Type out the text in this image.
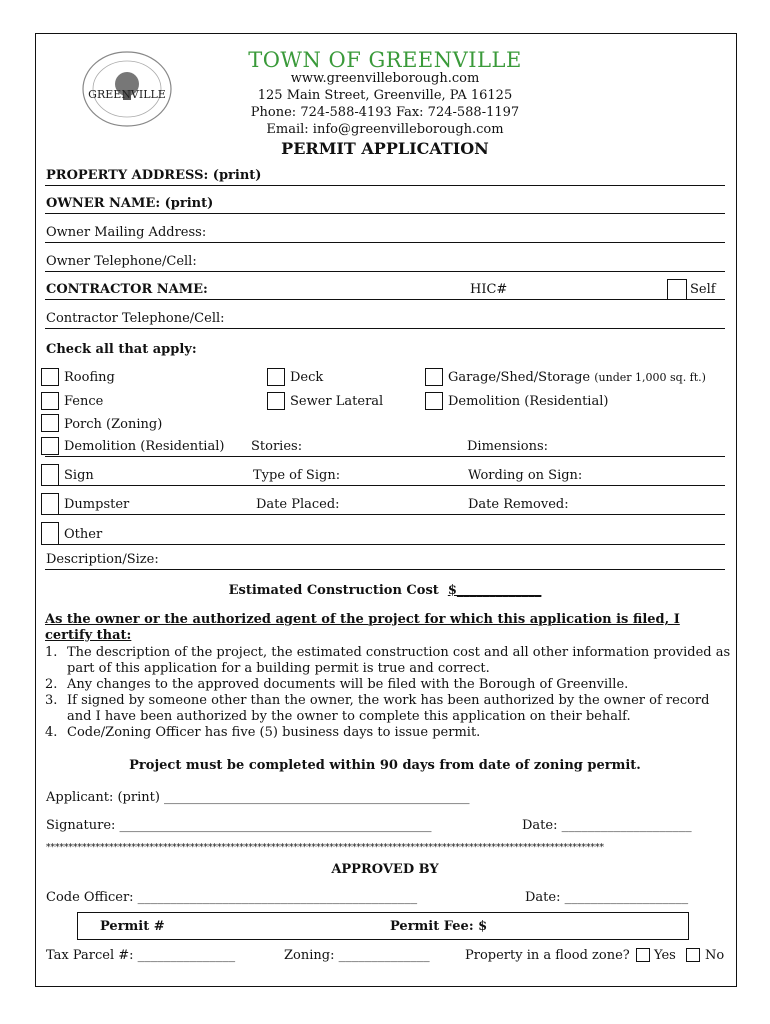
GREENVILLE
TOWN OF GREENVILLE
www.greenvilleborough.com
125 Main Street, Greenville, PA 16125
Phone: 724-588-4193 Fax: 724-588-1197
Email: info@greenvilleborough.com
PERMIT APPLICATION
PROPERTY ADDRESS: (print)
OWNER NAME: (print)
Owner Mailing Address:
Owner Telephone/Cell:
CONTRACTOR NAME:	HIC#	Self
Contractor Telephone/Cell:
Check all that apply:
Roofing	Deck	Garage/Shed/Storage (under 1,000 sq. ft.)
Fence	Sewer Lateral	Demolition (Residential)
Porch (Zoning)
Demolition (Residential) Stories:	Dimensions:
Sign	Type of Sign:	Wording on Sign:
Dumpster	Date Placed:	Date Removed:
Other
Description/Size:
Estimated Construction Cost $_____________
As the owner or the authorized agent of the project for which this application is filed, I certify that:
1. The description of the project, the estimated construction cost and all other information provided as part of this application for a building permit is true and correct.
2. Any changes to the approved documents will be filed with the Borough of Greenville.
3. If signed by someone other than the owner, the work has been authorized by the owner of record and I have been authorized by the owner to complete this application on their behalf.
4. Code/Zoning Officer has five (5) business days to issue permit.
Project must be completed within 90 days from date of zoning permit.
Applicant: (print) _______________________________________________
Signature: ________________________________________________	Date: ____________________
****************************************************************************************************************************
APPROVED BY
Code Officer: ___________________________________________	Date: ___________________
Permit #	Permit Fee: $
Tax Parcel #: _______________	Zoning: ______________	Property in a flood zone? Yes No
